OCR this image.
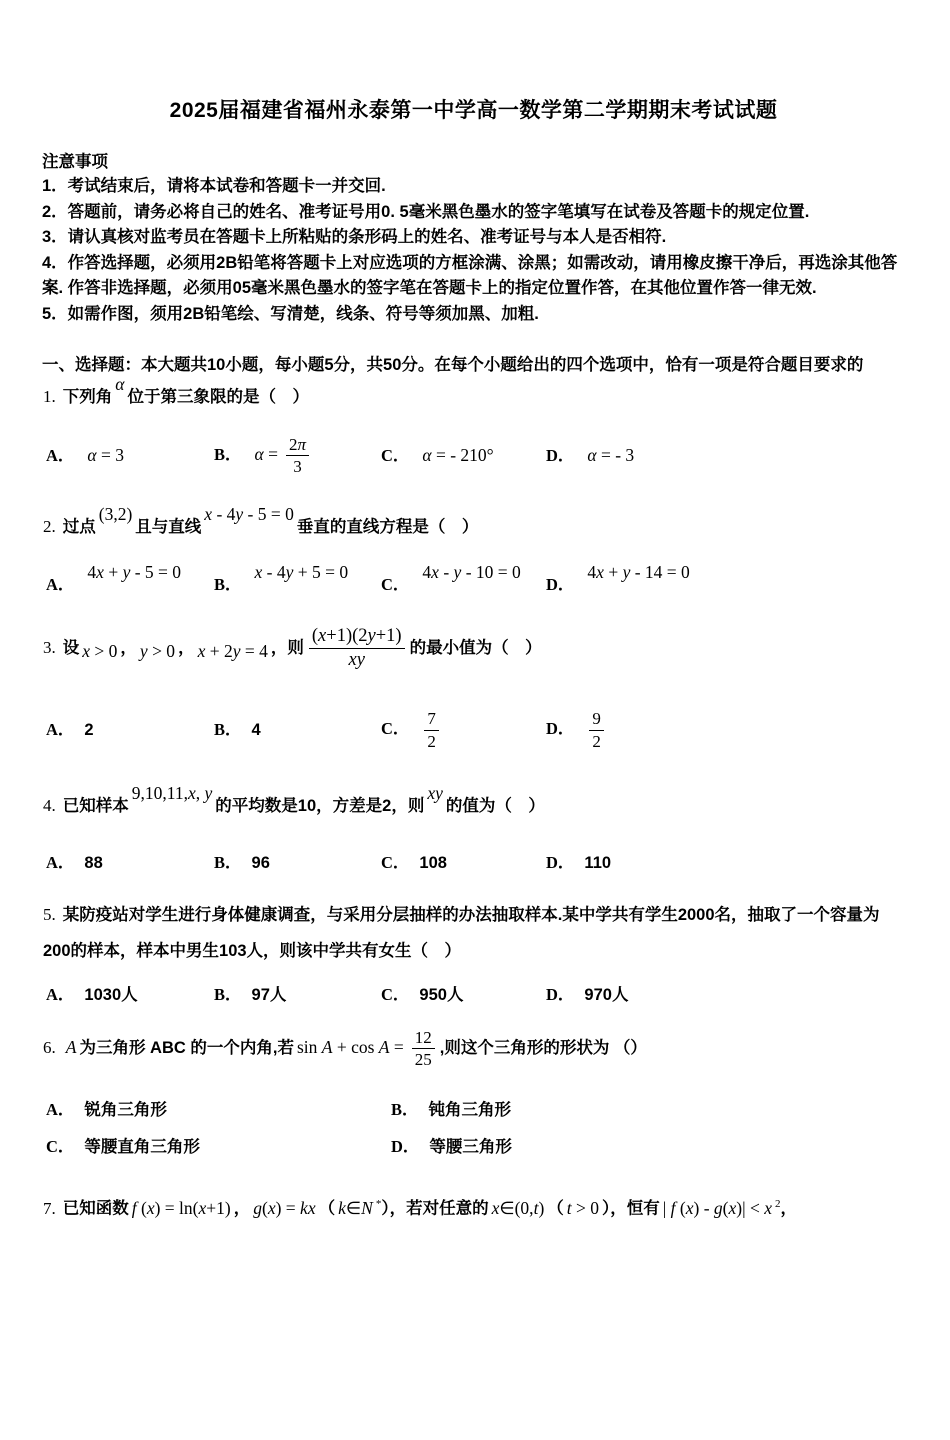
2025届福建省福州永泰第一中学高一数学第二学期期末考试试题
注意事项
1．考试结束后，请将本试卷和答题卡一并交回.
2．答题前，请务必将自己的姓名、准考证号用0. 5毫米黑色墨水的签字笔填写在试卷及答题卡的规定位置.
3．请认真核对监考员在答题卡上所粘贴的条形码上的姓名、准考证号与本人是否相符.
4．作答选择题，必须用2B铅笔将答题卡上对应选项的方框涂满、涂黑；如需改动，请用橡皮擦干净后，再选涂其他答案. 作答非选择题，必须用05毫米黑色墨水的签字笔在答题卡上的指定位置作答，在其他位置作答一律无效.
5．如需作图，须用2B铅笔绘、写清楚，线条、符号等须加黑、加粗.
一、选择题：本大题共10小题，每小题5分，共50分。在每个小题给出的四个选项中，恰有一项是符合题目要求的
1. 下列角α位于第三象限的是（　）
A． α = 3	B． $\alpha = \frac{2\pi}{3}$	C． α = - 210°	D． α = - 3
2. 过点(3,2)且与直线x - 4y - 5 = 0垂直的直线方程是（　）
A．4x + y - 5 = 0
B．x - 4y + 5 = 0
C．4x - y - 10 = 0
D．4x + y - 14 = 0
3. 设 x > 0 ， y > 0 ， x + 2y = 4 ，则 $\frac{(x+1)(2y+1)}{xy}$ 的最小值为（　）
A． 2	B． 4	C． $\frac{7}{2}$	D． $\frac{9}{2}$
4. 已知样本9,10,11,x, y的平均数是10，方差是2，则xy的值为（　）
A． 88	B． 96	C． 108	D． 110
5. 某防疫站对学生进行身体健康调查，与采用分层抽样的办法抽取样本.某中学共有学生2000名，抽取了一个容量为200的样本，样本中男生103人，则该中学共有女生（　）
A． 1030人	B． 97人	C． 950人	D． 970人
6. A 为三角形 ABC 的一个内角,若 $\sin A + \cos A = \frac{12}{25}$ ,则这个三角形的形状为 （）
A． 锐角三角形	B． 钝角三角形
C． 等腰直角三角形	D． 等腰三角形
7. 已知函数 f (x) = ln(x+1) ， g(x) = kx （ k∈N *），若对任意的 x∈(0,t) （ t > 0 ），恒有 | f (x) - g(x)| < x $^2$，
